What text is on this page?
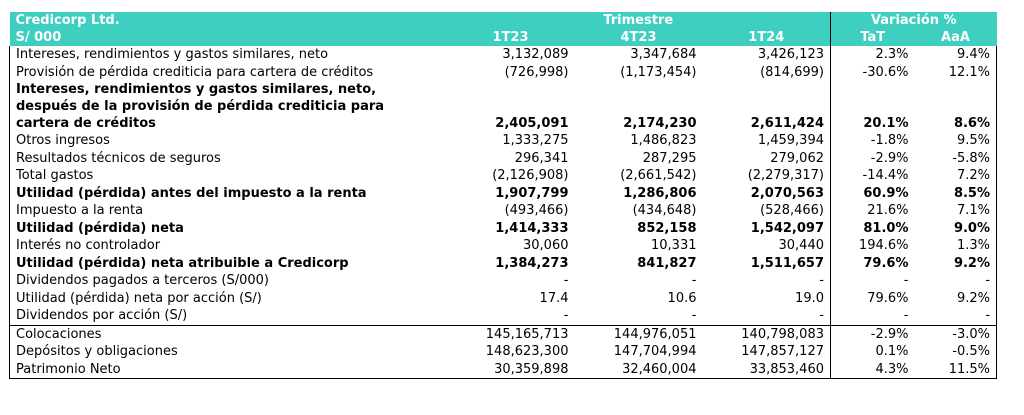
Credicorp Ltd.	Trimestre			Variación %	
S/ 000	1T23	4T23	1T24	TaT	AaA
Intereses, rendimientos y gastos similares, neto	3,132,089	3,347,684	3,426,123	2.3%	9.4%
Provisión de pérdida crediticia para cartera de créditos	(726,998)	(1,173,454)	(814,699)	-30.6%	12.1%
Intereses, rendimientos y gastos similares, neto, después de la provisión de pérdida crediticia para cartera de créditos	2,405,091	2,174,230	2,611,424	20.1%	8.6%
Otros ingresos	1,333,275	1,486,823	1,459,394	-1.8%	9.5%
Resultados técnicos de seguros	296,341	287,295	279,062	-2.9%	-5.8%
Total gastos	(2,126,908)	(2,661,542)	(2,279,317)	-14.4%	7.2%
Utilidad (pérdida) antes del impuesto a la renta	1,907,799	1,286,806	2,070,563	60.9%	8.5%
Impuesto a la renta	(493,466)	(434,648)	(528,466)	21.6%	7.1%
Utilidad (pérdida) neta	1,414,333	852,158	1,542,097	81.0%	9.0%
Interés no controlador	30,060	10,331	30,440	194.6%	1.3%
Utilidad (pérdida) neta atribuible a Credicorp	1,384,273	841,827	1,511,657	79.6%	9.2%
Dividendos pagados a terceros (S/000)	-	-	-	-	-
Utilidad (pérdida) neta por acción (S/)	17.4	10.6	19.0	79.6%	9.2%
Dividendos por acción (S/)	-	-	-	-	-
Colocaciones	145,165,713	144,976,051	140,798,083	-2.9%	-3.0%
Depósitos y obligaciones	148,623,300	147,704,994	147,857,127	0.1%	-0.5%
Patrimonio Neto	30,359,898	32,460,004	33,853,460	4.3%	11.5%
